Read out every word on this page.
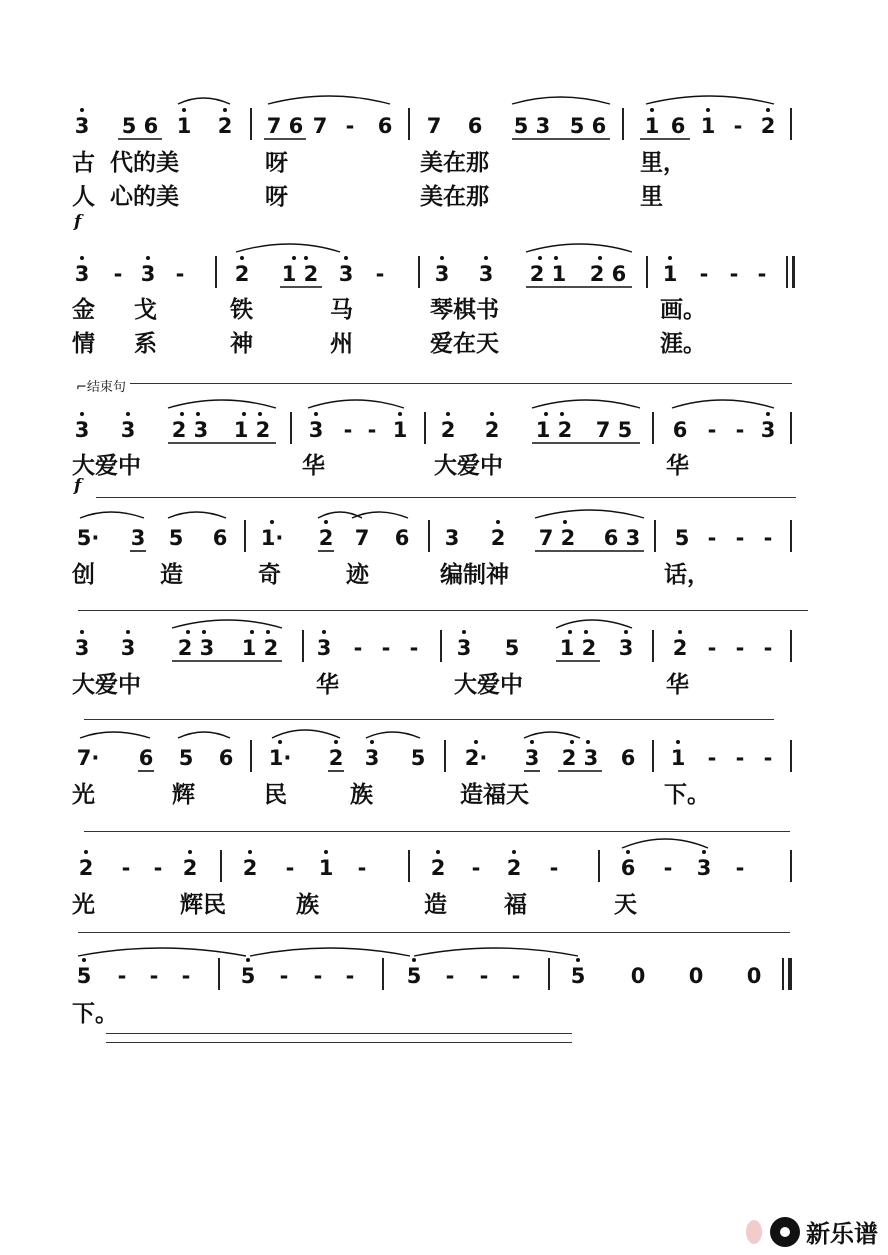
3 5 6 1 2 7 6 7 - 6 7 6 5 3 5 6 1 6 1 - 2
古 代的美	呀	美在那	里，
人 心的美	呀	美在那	里
f
3 - 3 - 2 1 2 3 - 3 3 2 1 2 6 1 - - -
金 戈	铁	马	琴棋书	画。
情 系	神	州	爱在天	涯。
⌐结束句
3 3 2 3 1 2 3 - - 1 2 2 1 2 7 5 6 - - 3
大爱中	华	大爱中	华
f
5· 3 5 6 1· 2 7 6 3 2 7 2 6 3 5 - - -
创	造	奇	迹	编制神	话，
3 3 2 3 1 2 3 - - - 3 5 1 2 3 2 - - -
大爱中	华	大爱中	华
7· 6 5 6 1· 2 3 5 2· 3 2 3 6 1 - - -
光	辉	民	族	造福天	下。
2 - - 2 2 - 1 -	2 - 2 -	6 - 3 -
光	辉民	族	造 福	天
5 - - - 5 - - - 5 - - - 5 0 0 0
下。
新乐谱
